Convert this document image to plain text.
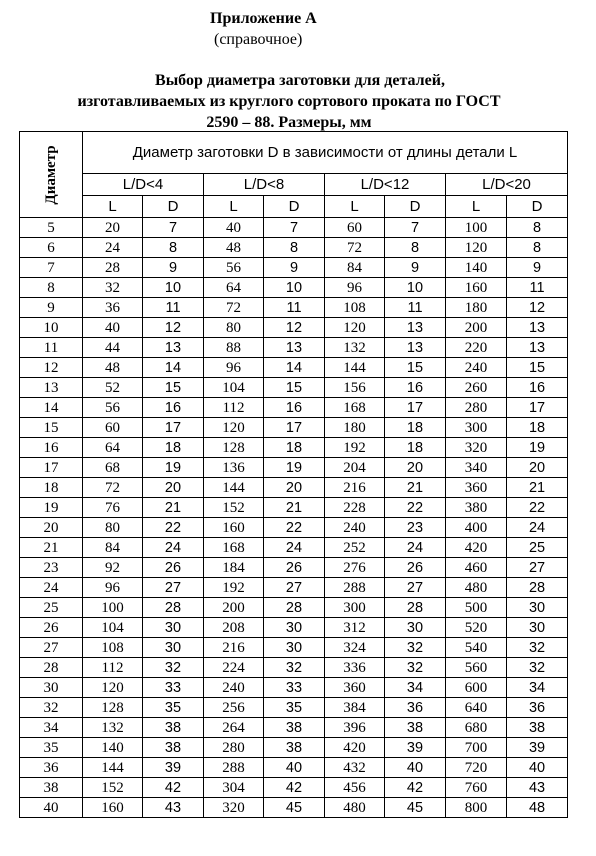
Приложение А

(справочное)

Выбор диаметра заготовки для деталей,
изготавливаемых из круглого сортового проката по ГОСТ
2590 – 88. Размеры, мм
Диаметр	Диаметр заготовки D в зависимости от длины детали L							
	L/D<4		L/D<8		L/D<12		L/D<20	
	L	D	L	D	L	D	L	D
5	20	7	40	7	60	7	100	8
6	24	8	48	8	72	8	120	8
7	28	9	56	9	84	9	140	9
8	32	10	64	10	96	10	160	11
9	36	11	72	11	108	11	180	12
10	40	12	80	12	120	13	200	13
11	44	13	88	13	132	13	220	13
12	48	14	96	14	144	15	240	15
13	52	15	104	15	156	16	260	16
14	56	16	112	16	168	17	280	17
15	60	17	120	17	180	18	300	18
16	64	18	128	18	192	18	320	19
17	68	19	136	19	204	20	340	20
18	72	20	144	20	216	21	360	21
19	76	21	152	21	228	22	380	22
20	80	22	160	22	240	23	400	24
21	84	24	168	24	252	24	420	25
23	92	26	184	26	276	26	460	27
24	96	27	192	27	288	27	480	28
25	100	28	200	28	300	28	500	30
26	104	30	208	30	312	30	520	30
27	108	30	216	30	324	32	540	32
28	112	32	224	32	336	32	560	32
30	120	33	240	33	360	34	600	34
32	128	35	256	35	384	36	640	36
34	132	38	264	38	396	38	680	38
35	140	38	280	38	420	39	700	39
36	144	39	288	40	432	40	720	40
38	152	42	304	42	456	42	760	43
40	160	43	320	45	480	45	800	48
